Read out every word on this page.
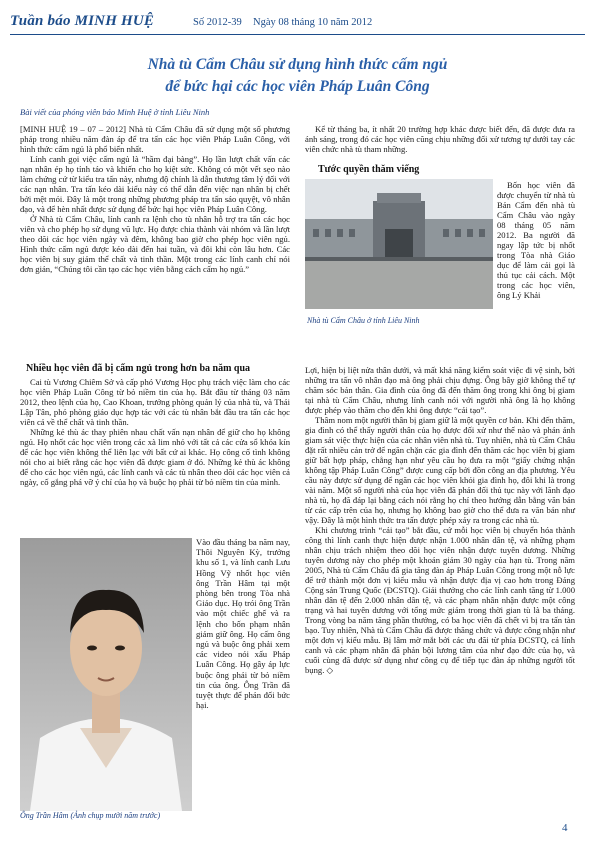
Tuần báo MINH HUỆ	Số 2012-39 Ngày 08 tháng 10 năm 2012
Nhà tù Cẩm Châu sử dụng hình thức cấm ngủ
để bức hại các học viên Pháp Luân Công
Bài viết của phóng viên báo Minh Huệ ở tỉnh Liêu Ninh

[MINH HUỆ 19 – 07 – 2012] Nhà tù Cẩm Châu đã sử dụng một số phương pháp trong nhiều năm đàn áp để tra tấn các học viên Pháp Luân Công, với hình thức cấm ngủ là phổ biến nhất.

Lính canh gọi việc cấm ngủ là “hầm đại bàng”. Họ lần lượt chất vấn các nạn nhân ép họ tỉnh táo và khiến cho họ kiệt sức. Không có một vết sẹo nào làm chứng cứ từ kiểu tra tấn này, nhưng độ chính là dẫn thương tâm lý đối với các nạn nhân. Tra tấn kéo dài kiểu này có thể dẫn đến việc nạn nhân bị chết bởi mệt mỏi. Đây là một trong những phương pháp tra tấn sáo quyệt, vô nhân đạo, và để hèn nhất được sử dụng để bức hại học viên Pháp Luân Công.

Ở Nhà tù Cẩm Châu, lính canh ra lệnh cho tù nhân hỗ trợ tra tấn các học viên và cho phép họ sử dụng vũ lực. Họ được chia thành vài nhóm và lần lượt theo dõi các học viên ngày và đêm, không bao giờ cho phép học viên ngủ. Hình thức cấm ngủ được kéo dài đến hai tuần, và đôi khi còn lâu hơn. Các học viên bị suy giảm thể chất và tinh thần. Một trong các lính canh chỉ nói đơn giản, “Chúng tôi cần tạo các học viên bằng cách cấm họ ngủ.”

Nhiều học viên đã bị cấm ngủ trong hơn ba năm qua

Cai tù Vương Chiêm Sở và cấp phó Vương Học phụ trách việc làm cho các học viên Pháp Luân Công từ bỏ niềm tin của họ. Bắt đầu từ tháng 03 năm 2012, theo lệnh của họ, Cao Khoan, trưởng phòng quản lý của nhà tù, và Thái Lập Tân, phó phòng giáo dục hợp tác với các tù nhân bắt đầu tra tấn các học viên cả về thể chất và tinh thần.

Những kẻ thù ác thay phiên nhau chất vấn nạn nhân để giữ cho họ không ngủ. Họ nhốt các học viên trong các xà lim nhỏ với tất cả các cửa sổ khóa kín để các học viên không thể liên lạc với bất cứ ai khác. Họ công cố tình không nói cho ai biết rằng các học viên đã được giam ở đó. Những kẻ thù ác không để cho các học viên ngủ, các lính canh và các tù nhân theo dõi các học viên cả ngày, cố gắng phá vỡ ý chí của họ và buộc họ phải từ bỏ niềm tin của mình.

Ông Trần Hâm (Ảnh chụp mười năm trước)
Vào đầu tháng ba năm nay, Thôi Nguyên Kỳ, trưởng khu số 1, và lính canh Lưu Hồng Vỹ nhốt học viên ông Trần Hâm tại một phòng bên trong Tòa nhà Giáo dục. Họ trói ông Trần vào một chiếc ghế và ra lệnh cho bốn phạm nhân giám giữ ông. Họ cấm ông ngủ và buộc ông phải xem các video nói xấu Pháp Luân Công. Họ gây áp lực buộc ông phải từ bỏ niềm tin của ông. Ông Trần đã tuyệt thực để phản đối bức hại.

Kể từ tháng ba, ít nhất 20 trường hợp khác được biết đến, đã được đưa ra ánh sáng, trong đó các học viên cũng chịu những đối xử tương tự dưới tay các viên chức nhà tù tham những.

Tước quyền thăm viếng
Nhà tù Cẩm Châu ở tỉnh Liêu Ninh
Bốn học viên đã được chuyển từ nhà tù Bản Cẩm đến nhà tù Cẩm Châu vào ngày 08 tháng 05 năm 2012. Ba người đã ngay lập tức bị nhốt trong Tòa nhà Giáo dục để làm cải gọi là thủ tục cải cách. Một trong các học viên, ông Lý Khải

Lợi, hiện bị liệt nửa thân dưới, và mất khả năng kiểm soát việc đi vệ sinh, bởi những tra tấn vô nhân đạo mà ông phải chịu đựng. Ông bây giờ không thể tự chăm sóc bản thân. Gia đình của ông đã đến thăm ông trong khi ông bị giam tại nhà tù Cẩm Châu, nhưng lính canh nói với người nhà ông là họ không được phép vào thăm cho đến khi ông được “cải tạo”.

Thâm nom một người thân bị giam giữ là một quyền cơ bản. Khi đến thăm, gia đình có thể thấy người thân của họ được đối xử như thế nào và phản ánh giam sát việc thực hiện của các nhân viên nhà tù. Tuy nhiên, nhà tù Cẩm Châu đặt rất nhiều cản trở để ngăn chặn các gia đình đến thăm các học viên bị giam giữ bất hợp pháp, chẳng hạn như yêu cầu họ đưa ra một “giấy chứng nhận không tập Pháp Luân Công” được cung cấp bởi đồn công an địa phương. Yêu cầu này được sử dụng để ngăn các học viên khỏi gia đình họ, đôi khi là trong vài năm. Một số người nhà của học viên đã phản đối thủ tục này với lãnh đạo nhà tù, họ đã đáp lại bằng cách nói rằng họ chỉ theo hướng dẫn bằng văn bản từ các cấp trên của họ, nhưng họ không bao giờ cho thể đưa ra văn bản như vậy. Đây là một hình thức tra tấn được phép xảy ra trong các nhà tù.

Khi chương trình “cải tạo” bắt đầu, cứ mỗi học viên bị chuyển hóa thành công thì lính canh thực hiện được nhận 1.000 nhân dân tệ, và những phạm nhân chịu trách nhiệm theo dõi học viên nhận được tuyên dương. Những tuyên dương này cho phép một khoản giảm 30 ngày của hạn tù. Trong năm 2005, Nhà tù Cẩm Châu đã gia tăng đàn áp Pháp Luân Công trong một nỗ lực để trở thành một đơn vị kiểu mẫu và nhận được địa vị cao hơn trong Đảng Cộng sản Trung Quốc (ĐCSTQ). Giải thưởng cho các lính canh tăng từ 1.000 nhân dân tệ đến 2.000 nhân dân tệ, và các phạm nhân nhận được một công trạng và hai tuyên dương với tổng mức giảm trong thời gian tù là ba tháng. Trong vòng ba năm tăng phần thưởng, có ba học viên đã chết vì bị tra tấn tàn bạo. Tuy nhiên, Nhà tù Cẩm Châu đã được thăng chức và được công nhận như một đơn vị kiểu mẫu. Bị lâm mờ mắt bởi các ưu đãi từ phía ĐCSTQ, cả lính canh và các phạm nhân đã phản bội lương tâm của như đạo đức của họ, và cuối cùng đã được sử dụng như công cụ để tiếp tục đàn áp những người tốt bụng. ◇

4
